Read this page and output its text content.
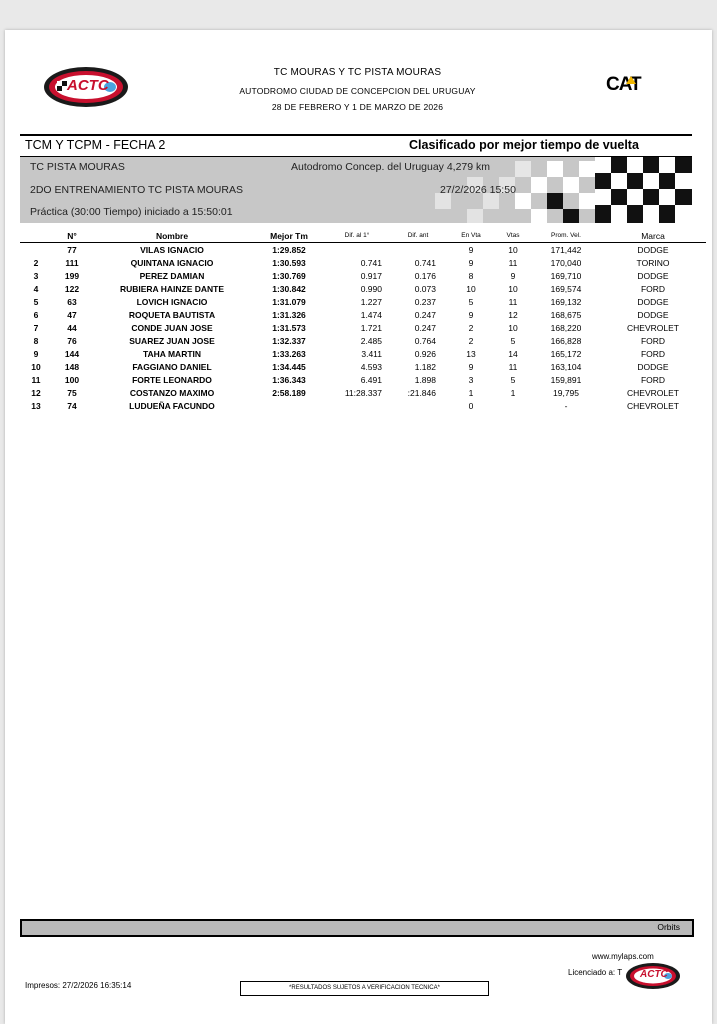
ACTC
TC MOURAS Y TC PISTA MOURAS
AUTODROMO CIUDAD DE CONCEPCION DEL URUGUAY
28 DE FEBRERO Y 1 DE MARZO DE 2026
CAT
TCM Y TCPM - FECHA 2	Clasificado por mejor tiempo de vuelta
TC PISTA MOURAS	Autodromo Concep. del Uruguay 4,279 km
2DO ENTRENAMIENTO TC PISTA MOURAS	27/2/2026 15:50
Práctica (30:00 Tiempo) iniciado a 15:50:01
	N°	Nombre	Mejor Tm	Dif. al 1°	Dif. ant	En Vta	Vtas	Prom. Vel.	Marca
	77	VILAS IGNACIO	1:29.852			9	10	171,442	DODGE
2	111	QUINTANA IGNACIO	1:30.593	0.741	0.741	9	11	170,040	TORINO
3	199	PEREZ DAMIAN	1:30.769	0.917	0.176	8	9	169,710	DODGE
4	122	RUBIERA HAINZE DANTE	1:30.842	0.990	0.073	10	10	169,574	FORD
5	63	LOVICH IGNACIO	1:31.079	1.227	0.237	5	11	169,132	DODGE
6	47	ROQUETA BAUTISTA	1:31.326	1.474	0.247	9	12	168,675	DODGE
7	44	CONDE JUAN JOSE	1:31.573	1.721	0.247	2	10	168,220	CHEVROLET
8	76	SUAREZ JUAN JOSE	1:32.337	2.485	0.764	2	5	166,828	FORD
9	144	TAHA MARTIN	1:33.263	3.411	0.926	13	14	165,172	FORD
10	148	FAGGIANO DANIEL	1:34.445	4.593	1.182	9	11	163,104	DODGE
11	100	FORTE LEONARDO	1:36.343	6.491	1.898	3	5	159,891	FORD
12	75	COSTANZO MAXIMO	2:58.189	11:28.337	:21.846	1	1	19,795	CHEVROLET
13	74	LUDUEÑA FACUNDO				0		-	CHEVROLET
Orbits
www.mylaps.com
Licenciado a: T ACTC
Impresos: 27/2/2026 16:35:14	*RESULTADOS SUJETOS A VERIFICACION TECNICA*
